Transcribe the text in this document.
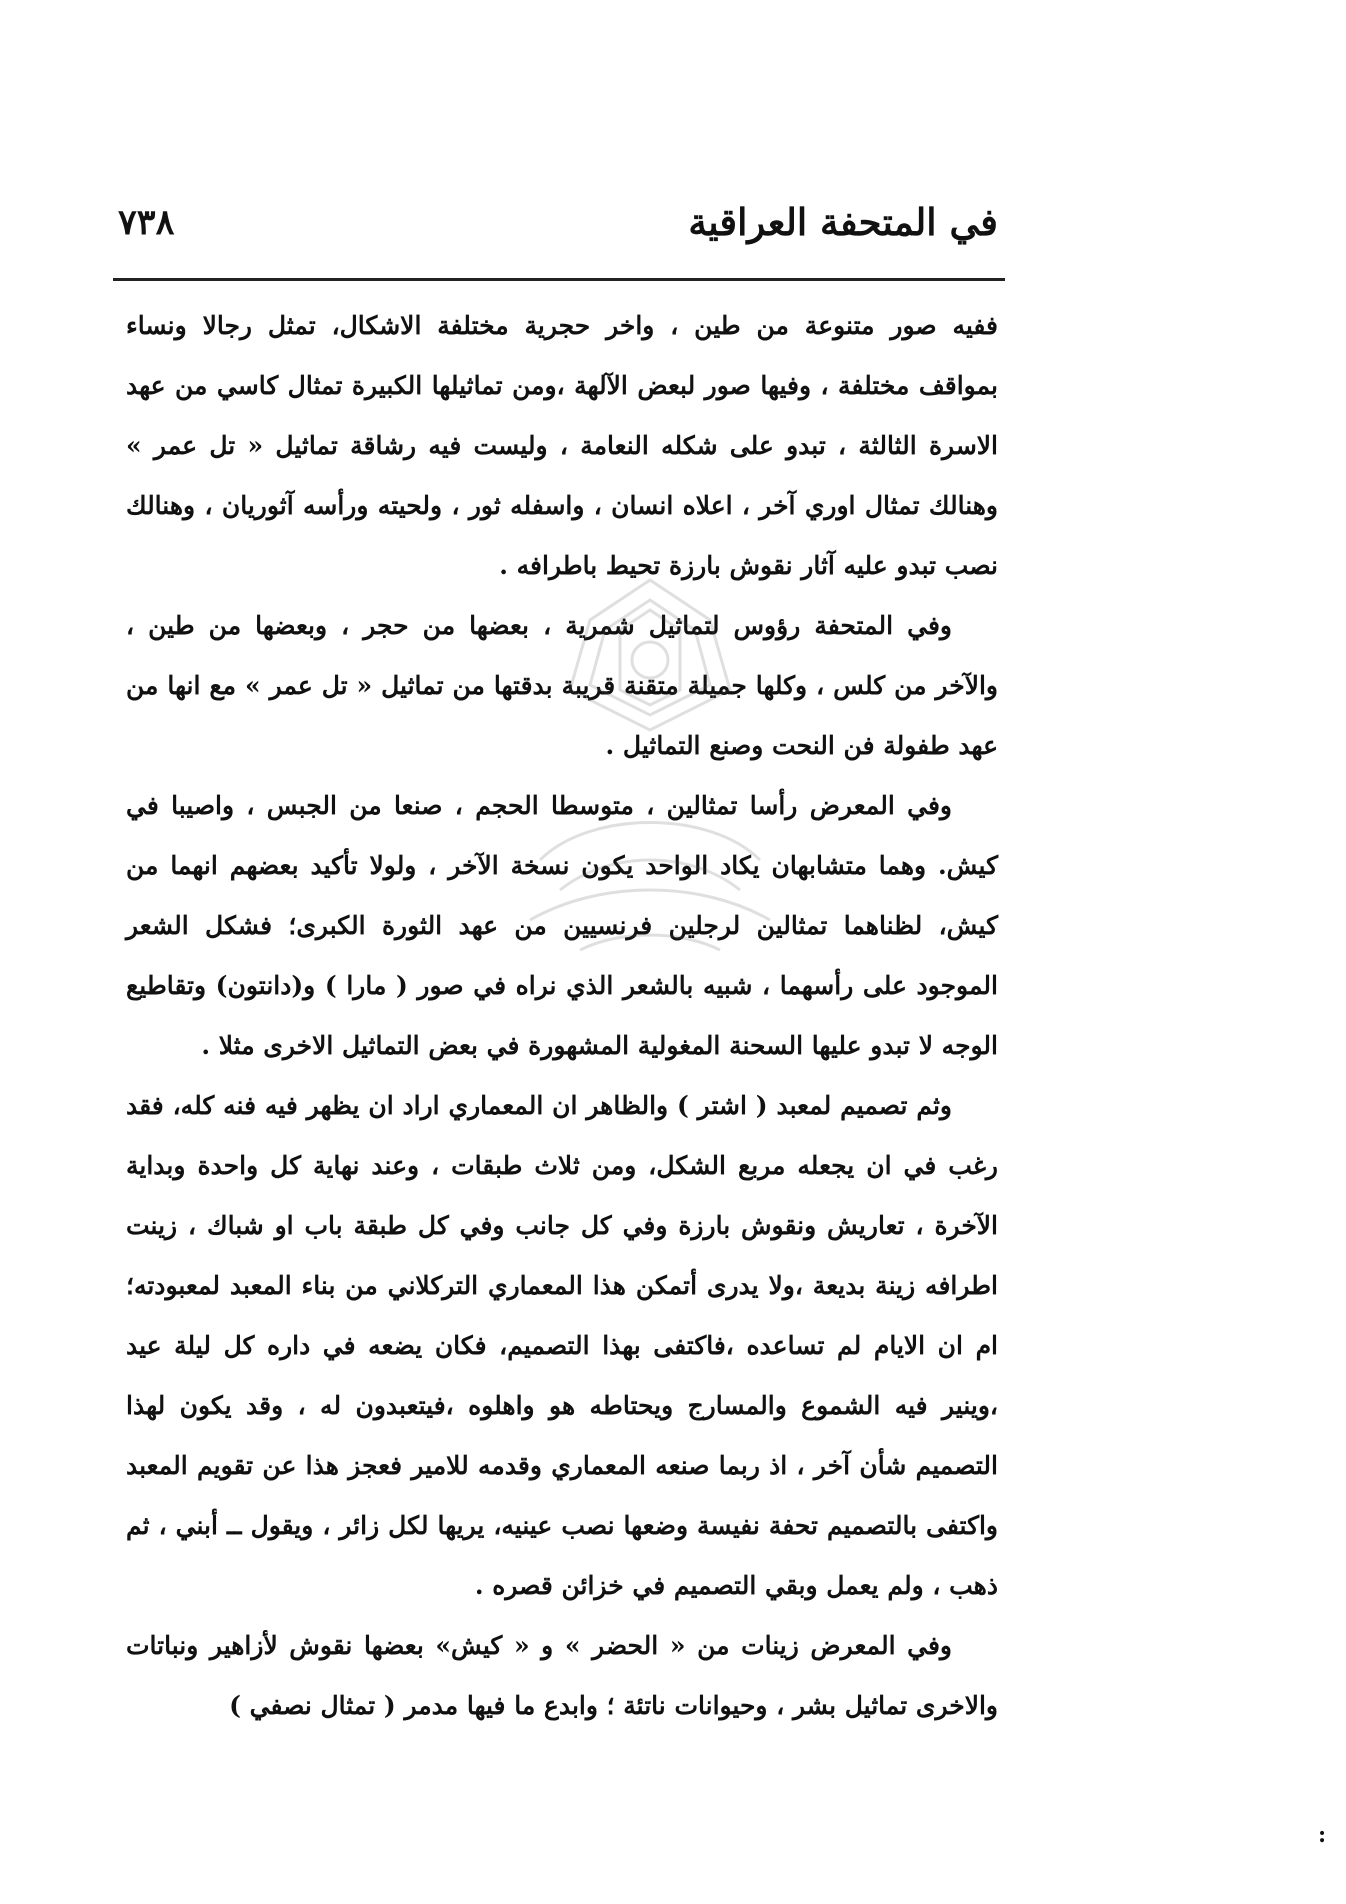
في المتحفة العراقية
٧٣٨

ففيه صور متنوعة من طين ، واخر حجرية مختلفة الاشكال، تمثل رجالا ونساء بمواقف مختلفة ، وفيها صور لبعض الآلهة ،ومن تماثيلها الكبيرة تمثال كاسي من عهد الاسرة الثالثة ، تبدو على شكله النعامة ، وليست فيه رشاقة تماثيل « تل عمر » وهنالك تمثال اوري آخر ، اعلاه انسان ، واسفله ثور ، ولحيته ورأسه آثوريان ، وهنالك نصب تبدو عليه آثار نقوش بارزة تحيط باطرافه .

وفي المتحفة رؤوس لتماثيل شمرية ، بعضها من حجر ، وبعضها من طين ، والآخر من كلس ، وكلها جميلة متقنة قريبة بدقتها من تماثيل « تل عمر » مع انها من عهد طفولة فن النحت وصنع التماثيل .

وفي المعرض رأسا تمثالين ، متوسطا الحجم ، صنعا من الجبس ، واصيبا في كيش. وهما متشابهان يكاد الواحد يكون نسخة الآخر ، ولولا تأكيد بعضهم انهما من كيش، لظناهما تمثالين لرجلين فرنسيين من عهد الثورة الكبرى؛ فشكل الشعر الموجود على رأسهما ، شبيه بالشعر الذي نراه في صور ( مارا ) و(دانتون) وتقاطيع الوجه لا تبدو عليها السحنة المغولية المشهورة في بعض التماثيل الاخرى مثلا .

وثم تصميم لمعبد ( اشتر ) والظاهر ان المعماري اراد ان يظهر فيه فنه كله، فقد رغب في ان يجعله مربع الشكل، ومن ثلاث طبقات ، وعند نهاية كل واحدة وبداية الآخرة ، تعاريش ونقوش بارزة وفي كل جانب وفي كل طبقة باب او شباك ، زينت اطرافه زينة بديعة ،ولا يدرى أتمكن هذا المعماري التركلاني من بناء المعبد لمعبودته؛ ام ان الايام لم تساعده ،فاكتفى بهذا التصميم، فكان يضعه في داره كل ليلة عيد ،وينير فيه الشموع والمسارج ويحتاطه هو واهلوه ،فيتعبدون له ، وقد يكون لهذا التصميم شأن آخر ، اذ ربما صنعه المعماري وقدمه للامير فعجز هذا عن تقويم المعبد واكتفى بالتصميم تحفة نفيسة وضعها نصب عينيه، يريها لكل زائر ، ويقول ــ أبني ، ثم ذهب ، ولم يعمل وبقي التصميم في خزائن قصره .

وفي المعرض زينات من « الحضر » و « كيش» بعضها نقوش لأزاهير ونباتات والاخرى تماثيل بشر ، وحيوانات ناتئة ؛ وابدع ما فيها مدمر ( تمثال نصفي )

:
